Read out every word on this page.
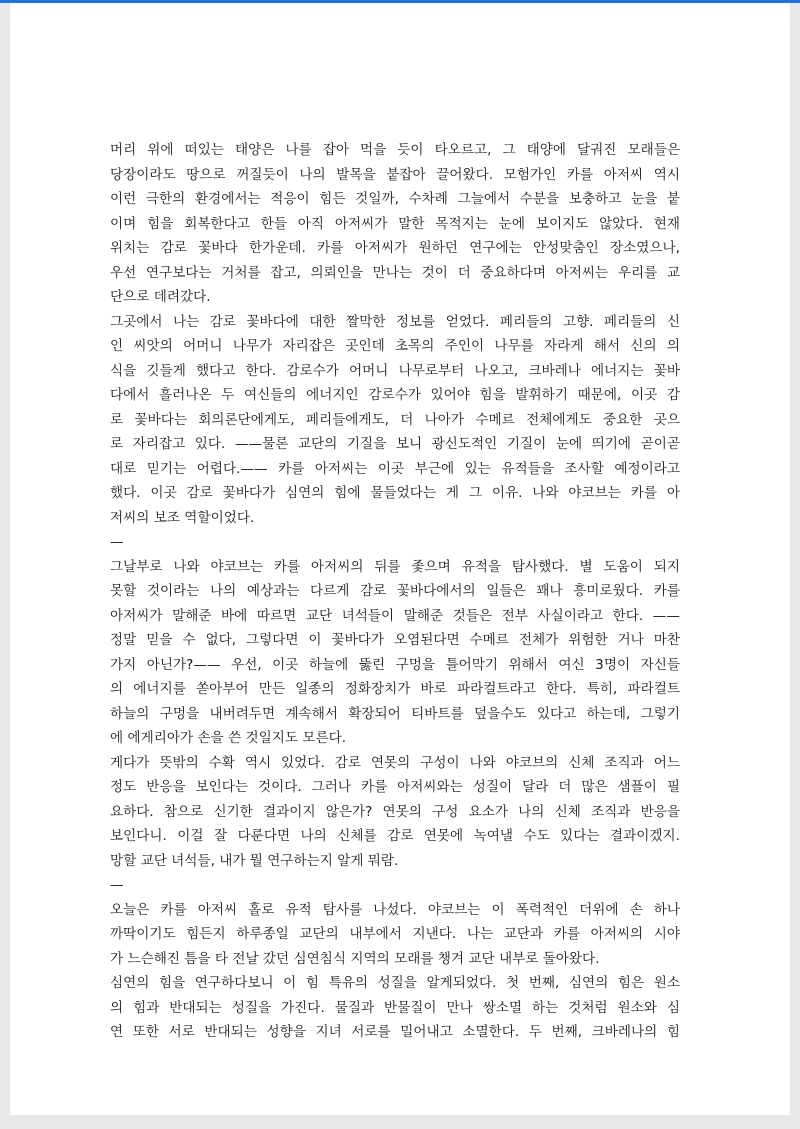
머리 위에 떠있는 태양은 나를 잡아 먹을 듯이 타오르고, 그 태양에 달궈진 모래들은
당장이라도 땅으로 꺼질듯이 나의 발목을 붙잡아 끌어왔다. 모험가인 카를 아저씨 역시
이런 극한의 환경에서는 적응이 힘든 것일까, 수차례 그늘에서 수분을 보충하고 눈을 붙
이며 힘을 회복한다고 한들 아직 아저씨가 말한 목적지는 눈에 보이지도 않았다. 현재
위치는 감로 꽃바다 한가운데. 카를 아저씨가 원하던 연구에는 안성맞춤인 장소였으나,
우선 연구보다는 거처를 잡고, 의뢰인을 만나는 것이 더 중요하다며 아저씨는 우리를 교
단으로 데려갔다.
그곳에서 나는 감로 꽃바다에 대한 짤막한 정보를 얻었다. 페리들의 고향. 페리들의 신
인 씨앗의 어머니 나무가 자리잡은 곳인데 초목의 주인이 나무를 자라게 해서 신의 의
식을 깃들게 했다고 한다. 감로수가 어머니 나무로부터 나오고, 크바레나 에너지는 꽃바
다에서 흘러나온 두 여신들의 에너지인 감로수가 있어야 힘을 발휘하기 때문에, 이곳 감
로 꽃바다는 회의론단에게도, 페리들에게도, 더 나아가 수메르 전체에게도 중요한 곳으
로 자리잡고 있다. ——물론 교단의 기질을 보니 광신도적인 기질이 눈에 띄기에 곧이곧
대로 믿기는 어렵다.—— 카를 아저씨는 이곳 부근에 있는 유적들을 조사할 예정이라고
했다. 이곳 감로 꽃바다가 심연의 힘에 물들었다는 게 그 이유. 나와 야코브는 카를 아
저씨의 보조 역할이었다.
—
그날부로 나와 야코브는 카를 아저씨의 뒤를 좇으며 유적을 탐사했다. 별 도움이 되지
못할 것이라는 나의 예상과는 다르게 감로 꽃바다에서의 일들은 꽤나 흥미로웠다. 카를
아저씨가 말해준 바에 따르면 교단 녀석들이 말해준 것들은 전부 사실이라고 한다. ——
정말 믿을 수 없다, 그렇다면 이 꽃바다가 오염된다면 수메르 전체가 위험한 거나 마찬
가지 아닌가?—— 우선, 이곳 하늘에 뚫린 구멍을 틀어막기 위해서 여신 3명이 자신들
의 에너지를 쏟아부어 만든 일종의 정화장치가 바로 파라컬트라고 한다. 특히, 파라컬트
하늘의 구멍을 내버려두면 계속해서 확장되어 티바트를 덮을수도 있다고 하는데, 그렇기
에 에게리아가 손을 쓴 것일지도 모른다.
게다가 뜻밖의 수확 역시 있었다. 감로 연못의 구성이 나와 야코브의 신체 조직과 어느
정도 반응을 보인다는 것이다. 그러나 카를 아저씨와는 성질이 달라 더 많은 샘플이 필
요하다. 참으로 신기한 결과이지 않은가? 연못의 구성 요소가 나의 신체 조직과 반응을
보인다니. 이걸 잘 다룬다면 나의 신체를 감로 연못에 녹여낼 수도 있다는 결과이겠지.
망할 교단 녀석들, 내가 뭘 연구하는지 알게 뭐람.
—
오늘은 카를 아저씨 홀로 유적 탐사를 나섰다. 야코브는 이 폭력적인 더위에 손 하나
까딱이기도 힘든지 하루종일 교단의 내부에서 지낸다. 나는 교단과 카를 아저씨의 시야
가 느슨해진 틈을 타 전날 갔던 심연침식 지역의 모래를 챙겨 교단 내부로 돌아왔다.
심연의 힘을 연구하다보니 이 힘 특유의 성질을 알게되었다. 첫 번째, 심연의 힘은 원소
의 힘과 반대되는 성질을 가진다. 물질과 반물질이 만나 쌍소멸 하는 것처럼 원소와 심
연 또한 서로 반대되는 성향을 지녀 서로를 밀어내고 소멸한다. 두 번째, 크바레나의 힘
